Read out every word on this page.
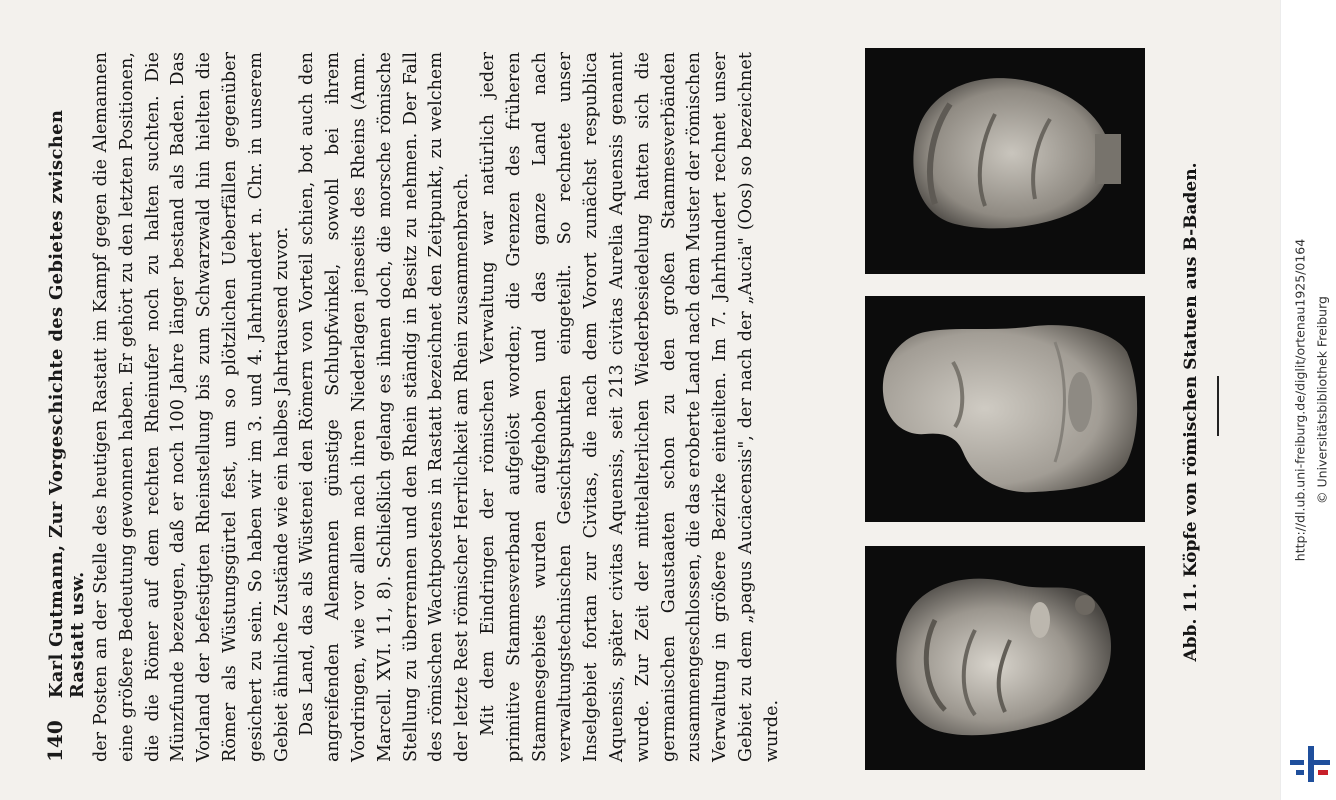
140
Karl Gutmann, Zur Vorgeschichte des Gebietes zwischen Rastatt usw. der Posten an der Stelle des heutigen Rastatt im Kampf gegen die Alemannen eine größere Bedeutung gewonnen haben. Er gehört zu den letzten Positionen, die die Römer auf dem rechten Rheinufer noch zu halten suchten. Die Münzfunde bezeugen, daß er noch 100 Jahre länger bestand als Baden. Das Vorland der befestigten Rheinstellung bis zum Schwarzwald hin hielten die Römer als Wüstungsgürtel fest, um so plötzlichen Ueberfällen gegenüber gesichert zu sein. So haben wir im 3. und 4. Jahrhundert n. Chr. in unserem Gebiet ähnliche Zustände wie ein halbes Jahrtausend zuvor. Das Land, das als Wüstenei den Römern von Vorteil schien, bot auch den angreifenden Alemannen günstige Schlupfwinkel, sowohl bei ihrem Vordringen, wie vor allem nach ihren Niederlagen jenseits des Rheins (Amm. Marcell. XVI. 11, 8). Schließlich gelang es ihnen doch, die morsche römische Stellung zu überrennen und den Rhein ständig in Besitz zu nehmen. Der Fall des römischen Wachtpostens in Rastatt bezeichnet den Zeitpunkt, zu welchem der letzte Rest römischer Herrlichkeit am Rhein zusammenbrach. Mit dem Eindringen der römischen Verwaltung war natürlich jeder primitive Stammesverband aufgelöst worden; die Grenzen des früheren Stammesgebiets wurden aufgehoben und das ganze Land nach verwaltungstechnischen Gesichtspunkten eingeteilt. So rechnete unser Inselgebiet fortan zur Civitas, die nach dem Vorort zunächst respublica Aquensis, später civitas Aquensis, seit 213 civitas Aurelia Aquensis genannt wurde. Zur Zeit der mittelalterlichen Wiederbesiedelung hatten sich die germanischen Gaustaaten schon zu den großen Stammesverbänden zusammengeschlossen, die das eroberte Land nach dem Muster der römischen Verwaltung in größere Bezirke einteilten. Im 7. Jahrhundert rechnet unser Gebiet zu dem „pagus Auciacensis", der nach der „Aucia" (Oos) so bezeichnet wurde.

Abb. 11. Köpfe von römischen Statuen aus B-Baden.	http://dl.ub.uni-freiburg.de/diglit/ortenau1925/0164 © Universitätsbibliothek Freiburg
